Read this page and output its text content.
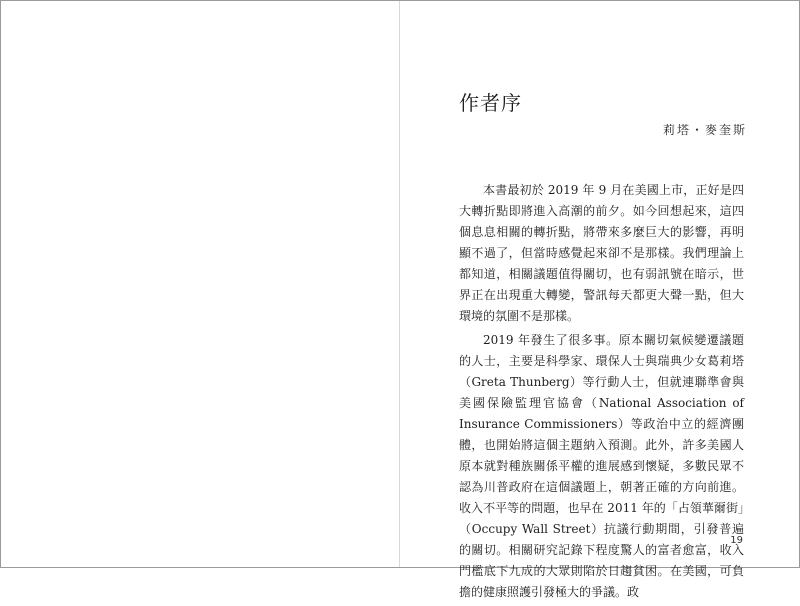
作者序
莉塔・麥奎斯

本書最初於 2019 年 9 月在美國上市，正好是四大轉折點即將進入高潮的前夕。如今回想起來，這四個息息相關的轉折點，將帶來多麼巨大的影響，再明顯不過了，但當時感覺起來卻不是那樣。我們理論上都知道，相關議題值得關切，也有弱訊號在暗示，世界正在出現重大轉變，警訊每天都更大聲一點，但大環境的氛圍不是那樣。

2019 年發生了很多事。原本關切氣候變遷議題的人士，主要是科學家、環保人士與瑞典少女葛莉塔（Greta Thunberg）等行動人士，但就連聯準會與美國保險監理官協會（National Association of Insurance Commissioners）等政治中立的經濟團體，也開始將這個主題納入預測。此外，許多美國人原本就對種族關係平權的進展感到懷疑，多數民眾不認為川普政府在這個議題上，朝著正確的方向前進。收入不平等的問題，也早在 2011 年的「占領華爾街」（Occupy Wall Street）抗議行動期間，引發普遍的關切。相關研究記錄下程度驚人的富者愈富，收入門檻底下九成的大眾則陷於日趨貧困。在美國，可負擔的健康照護引發極大的爭議。政

19
